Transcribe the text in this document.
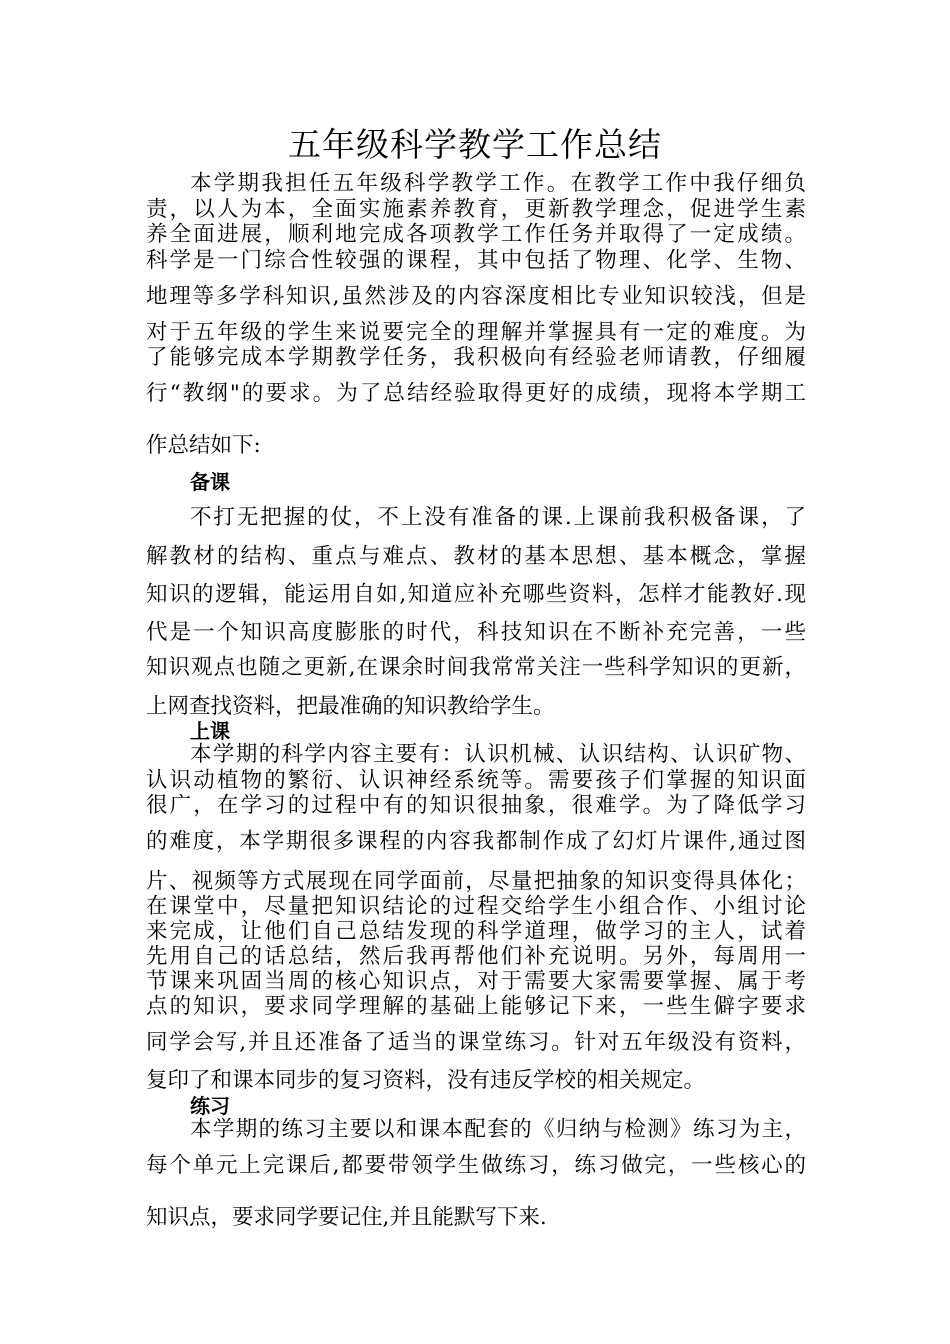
五年级科学教学工作总结
本学期我担任五年级科学教学工作。在教学工作中我仔细负
责，以人为本，全面实施素养教育，更新教学理念，促进学生素
养全面进展，顺利地完成各项教学工作任务并取得了一定成绩。
科学是一门综合性较强的课程，其中包括了物理、化学、生物、
地理等多学科知识,虽然涉及的内容深度相比专业知识较浅，但是
对于五年级的学生来说要完全的理解并掌握具有一定的难度。为
了能够完成本学期教学任务，我积极向有经验老师请教，仔细履
行“教纲"的要求。为了总结经验取得更好的成绩，现将本学期工
作总结如下:
备课
不打无把握的仗，不上没有准备的课.上课前我积极备课，了
解教材的结构、重点与难点、教材的基本思想、基本概念，掌握
知识的逻辑，能运用自如,知道应补充哪些资料，怎样才能教好.现
代是一个知识高度膨胀的时代，科技知识在不断补充完善，一些
知识观点也随之更新,在课余时间我常常关注一些科学知识的更新，
上网查找资料，把最准确的知识教给学生。
上课
本学期的科学内容主要有：认识机械、认识结构、认识矿物、
认识动植物的繁衍、认识神经系统等。需要孩子们掌握的知识面
很广，在学习的过程中有的知识很抽象，很难学。为了降低学习
的难度，本学期很多课程的内容我都制作成了幻灯片课件,通过图
片、视频等方式展现在同学面前，尽量把抽象的知识变得具体化；
在课堂中，尽量把知识结论的过程交给学生小组合作、小组讨论
来完成，让他们自己总结发现的科学道理，做学习的主人，试着
先用自己的话总结，然后我再帮他们补充说明。另外，每周用一
节课来巩固当周的核心知识点，对于需要大家需要掌握、属于考
点的知识，要求同学理解的基础上能够记下来，一些生僻字要求
同学会写,并且还准备了适当的课堂练习。针对五年级没有资料，
复印了和课本同步的复习资料，没有违反学校的相关规定。
练习
本学期的练习主要以和课本配套的《归纳与检测》练习为主，
每个单元上完课后,都要带领学生做练习，练习做完，一些核心的
知识点，要求同学要记住,并且能默写下来.
